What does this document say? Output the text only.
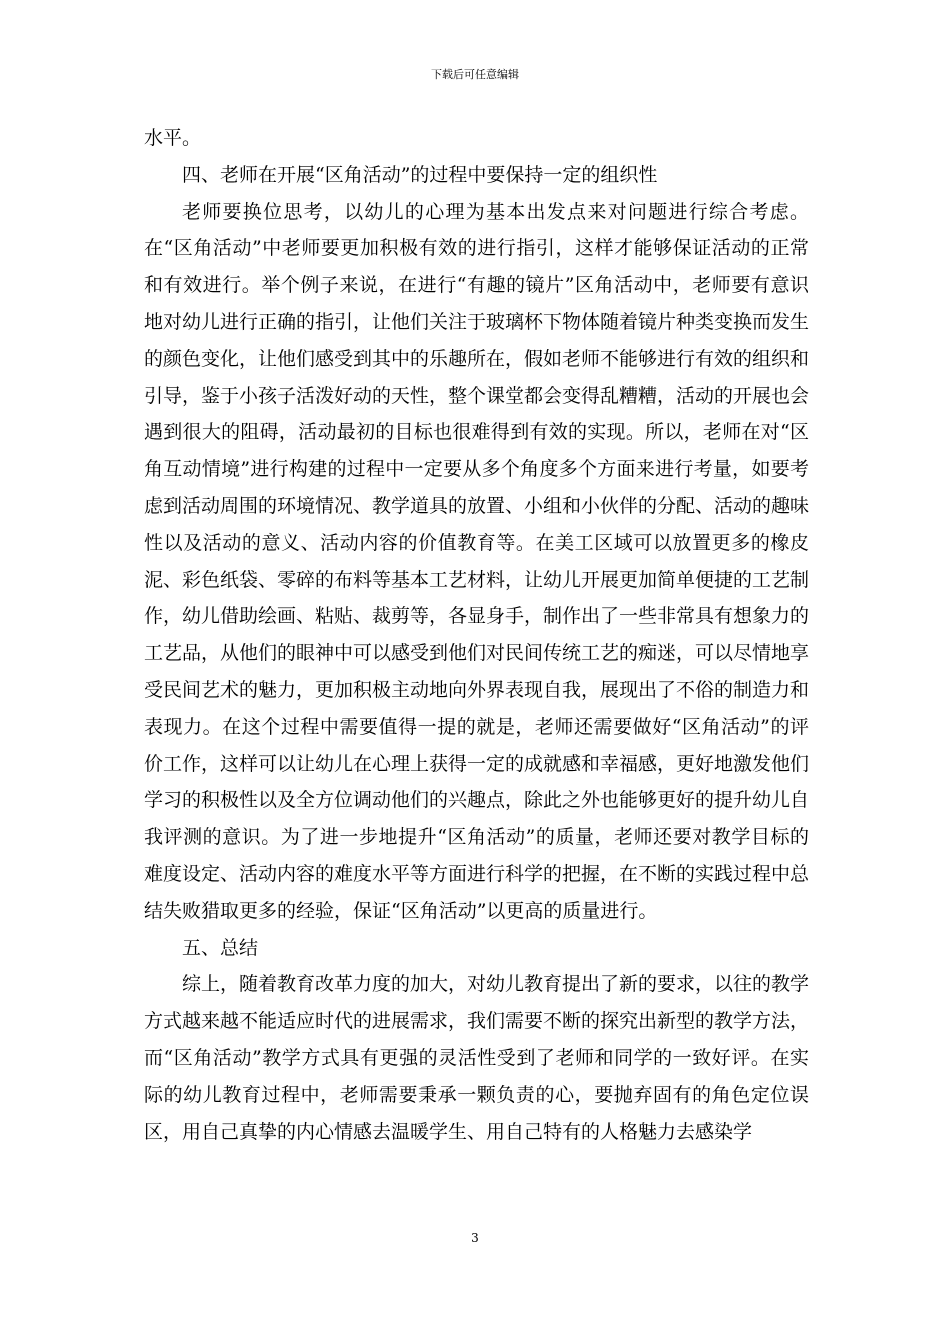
下载后可任意编辑

水平。

四、老师在开展“区角活动”的过程中要保持一定的组织性

老师要换位思考，以幼儿的心理为基本出发点来对问题进行综合考虑。在“区角活动”中老师要更加积极有效的进行指引，这样才能够保证活动的正常和有效进行。举个例子来说，在进行“有趣的镜片”区角活动中，老师要有意识地对幼儿进行正确的指引，让他们关注于玻璃杯下物体随着镜片种类变换而发生的颜色变化，让他们感受到其中的乐趣所在，假如老师不能够进行有效的组织和引导，鉴于小孩子活泼好动的天性，整个课堂都会变得乱糟糟，活动的开展也会遇到很大的阻碍，活动最初的目标也很难得到有效的实现。所以，老师在对“区角互动情境”进行构建的过程中一定要从多个角度多个方面来进行考量，如要考虑到活动周围的环境情况、教学道具的放置、小组和小伙伴的分配、活动的趣味性以及活动的意义、活动内容的价值教育等。在美工区域可以放置更多的橡皮泥、彩色纸袋、零碎的布料等基本工艺材料，让幼儿开展更加简单便捷的工艺制作，幼儿借助绘画、粘贴、裁剪等，各显身手，制作出了一些非常具有想象力的工艺品，从他们的眼神中可以感受到他们对民间传统工艺的痴迷，可以尽情地享受民间艺术的魅力，更加积极主动地向外界表现自我，展现出了不俗的制造力和表现力。在这个过程中需要值得一提的就是，老师还需要做好“区角活动”的评价工作，这样可以让幼儿在心理上获得一定的成就感和幸福感，更好地激发他们学习的积极性以及全方位调动他们的兴趣点，除此之外也能够更好的提升幼儿自我评测的意识。为了进一步地提升“区角活动”的质量，老师还要对教学目标的难度设定、活动内容的难度水平等方面进行科学的把握，在不断的实践过程中总结失败猎取更多的经验，保证“区角活动”以更高的质量进行。

五、总结

综上，随着教育改革力度的加大，对幼儿教育提出了新的要求，以往的教学方式越来越不能适应时代的进展需求，我们需要不断的探究出新型的教学方法，而“区角活动”教学方式具有更强的灵活性受到了老师和同学的一致好评。在实际的幼儿教育过程中，老师需要秉承一颗负责的心，要抛弃固有的角色定位误区，用自己真挚的内心情感去温暖学生、用自己特有的人格魅力去感染学

3
